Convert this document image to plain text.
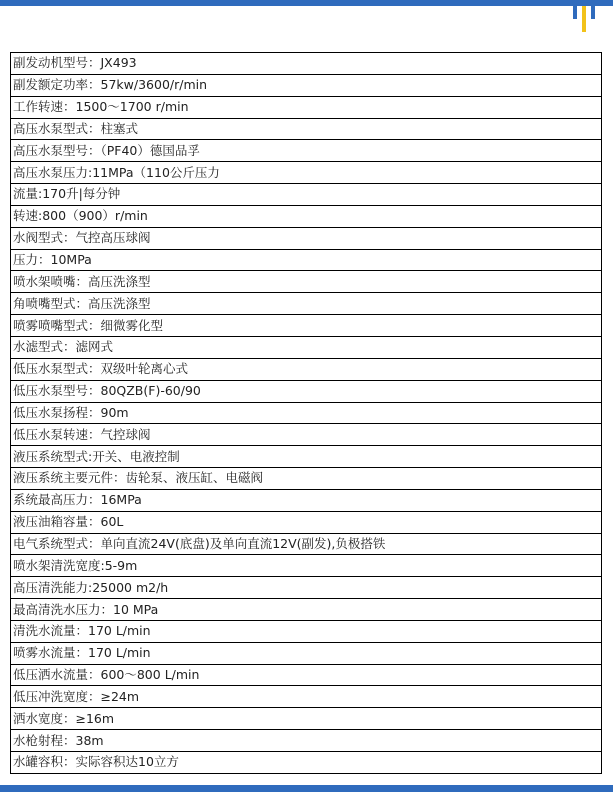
副发动机型号：JX493
副发额定功率：57kw/3600/r/min
工作转速：1500～1700 r/min
高压水泵型式：柱塞式
高压水泵型号：（PF40）德国品孚
高压水泵压力:11MPa（110公斤压力
流量:170升|每分钟
转速:800（900）r/min
水阀型式：气控高压球阀
压力：10MPa
喷水架喷嘴：高压洗涤型
角喷嘴型式：高压洗涤型
喷雾喷嘴型式：细微雾化型
水滤型式：滤网式
低压水泵型式：双级叶轮离心式
低压水泵型号：80QZB(F)-60/90
低压水泵扬程：90m
低压水泵转速：气控球阀
液压系统型式:开关、电液控制
液压系统主要元件：齿轮泵、液压缸、电磁阀
系统最高压力：16MPa
液压油箱容量：60L
电气系统型式：单向直流24V(底盘)及单向直流12V(副发),负极搭铁
喷水架清洗宽度:5-9m
高压清洗能力:25000 m2/h
最高清洗水压力：10 MPa
清洗水流量：170 L/min
喷雾水流量：170 L/min
低压洒水流量：600～800 L/min
低压冲洗宽度：≥24m
洒水宽度：≥16m
水枪射程：38m
水罐容积：实际容积达10立方
